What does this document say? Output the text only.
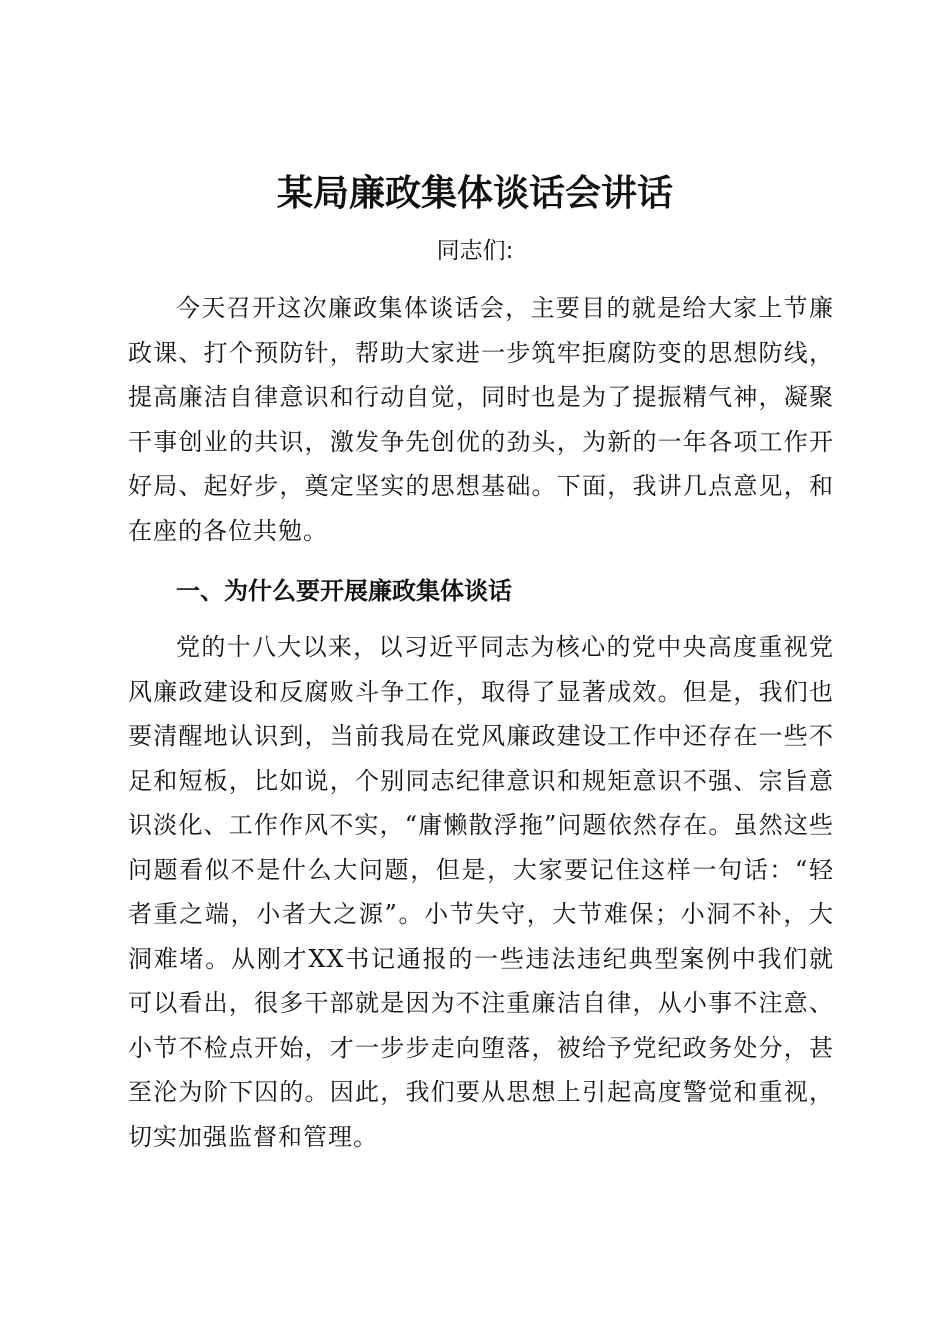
某局廉政集体谈话会讲话
同志们:
今天召开这次廉政集体谈话会，主要目的就是给大家上节廉政课、打个预防针，帮助大家进一步筑牢拒腐防变的思想防线，提高廉洁自律意识和行动自觉，同时也是为了提振精气神，凝聚干事创业的共识，激发争先创优的劲头，为新的一年各项工作开好局、起好步，奠定坚实的思想基础。下面，我讲几点意见，和在座的各位共勉。
一、为什么要开展廉政集体谈话
党的十八大以来，以习近平同志为核心的党中央高度重视党风廉政建设和反腐败斗争工作，取得了显著成效。但是，我们也要清醒地认识到，当前我局在党风廉政建设工作中还存在一些不足和短板，比如说，个别同志纪律意识和规矩意识不强、宗旨意识淡化、工作作风不实，“庸懒散浮拖”问题依然存在。虽然这些问题看似不是什么大问题，但是，大家要记住这样一句话：“轻者重之端，小者大之源”。小节失守，大节难保；小洞不补，大洞难堵。从刚才XX书记通报的一些违法违纪典型案例中我们就可以看出，很多干部就是因为不注重廉洁自律，从小事不注意、小节不检点开始，才一步步走向堕落，被给予党纪政务处分，甚至沦为阶下囚的。因此，我们要从思想上引起高度警觉和重视，切实加强监督和管理。
